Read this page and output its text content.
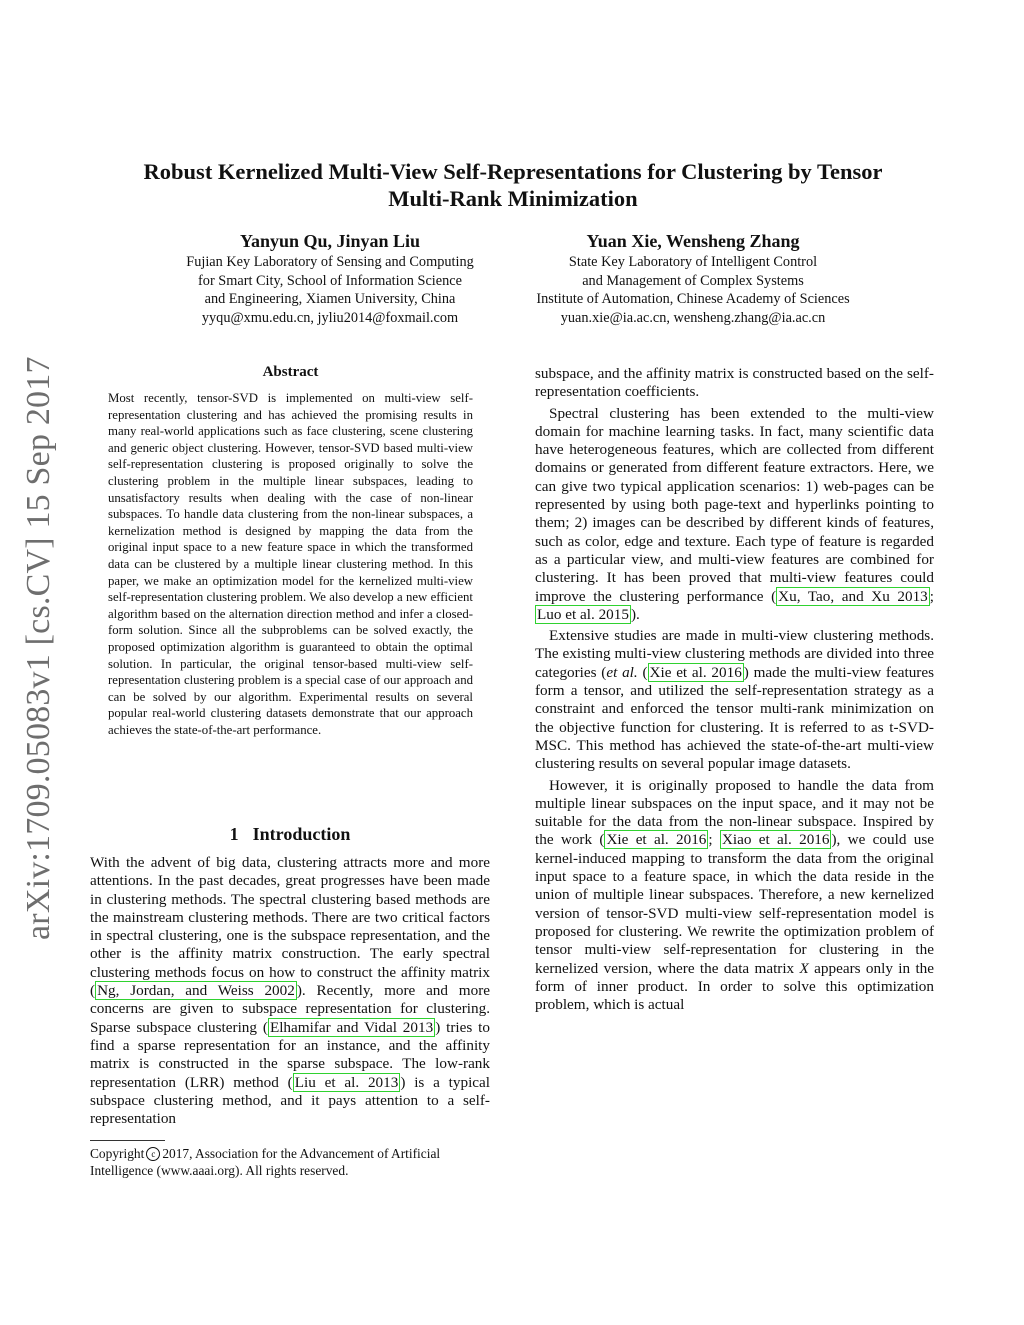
arXiv:1709.05083v1 [cs.CV] 15 Sep 2017
Robust Kernelized Multi-View Self-Representations for Clustering by Tensor
Multi-Rank Minimization
Yanyun Qu, Jinyan Liu
Fujian Key Laboratory of Sensing and Computing
for Smart City, School of Information Science
and Engineering, Xiamen University, China
yyqu@xmu.edu.cn, jyliu2014@foxmail.com
Yuan Xie, Wensheng Zhang
State Key Laboratory of Intelligent Control
and Management of Complex Systems
Institute of Automation, Chinese Academy of Sciences
yuan.xie@ia.ac.cn, wensheng.zhang@ia.ac.cn
Abstract
Most recently, tensor-SVD is implemented on multi-view self-representation clustering and has achieved the promising results in many real-world applications such as face clustering, scene clustering and generic object clustering. However, tensor-SVD based multi-view self-representation clustering is proposed originally to solve the clustering problem in the multiple linear subspaces, leading to unsatisfactory results when dealing with the case of non-linear subspaces. To handle data clustering from the non-linear subspaces, a kernelization method is designed by mapping the data from the original input space to a new feature space in which the transformed data can be clustered by a multiple linear clustering method. In this paper, we make an optimization model for the kernelized multi-view self-representation clustering problem. We also develop a new efficient algorithm based on the alternation direction method and infer a closed-form solution. Since all the subproblems can be solved exactly, the proposed optimization algorithm is guaranteed to obtain the optimal solution. In particular, the original tensor-based multi-view self-representation clustering problem is a special case of our approach and can be solved by our algorithm. Experimental results on several popular real-world clustering datasets demonstrate that our approach achieves the state-of-the-art performance.
1 Introduction

With the advent of big data, clustering attracts more and more attentions. In the past decades, great progresses have been made in clustering methods. The spectral clustering based methods are the mainstream clustering methods. There are two critical factors in spectral clustering, one is the subspace representation, and the other is the affinity matrix construction. The early spectral clustering methods focus on how to construct the affinity matrix ( Ng, Jordan, and Weiss 2002 ). Recently, more and more concerns are given to subspace representation for clustering. Sparse subspace clustering ( Elhamifar and Vidal 2013 ) tries to find a sparse representation for an instance, and the affinity matrix is constructed in the sparse subspace. The low-rank representation (LRR) method ( Liu et al. 2013 ) is a typical subspace clustering method, and it pays attention to a self-representation

Copyright c 2017, Association for the Advancement of Artificial Intelligence (www.aaai.org). All rights reserved.

subspace, and the affinity matrix is constructed based on the self-representation coefficients.

Spectral clustering has been extended to the multi-view domain for machine learning tasks. In fact, many scientific data have heterogeneous features, which are collected from different domains or generated from different feature extractors. Here, we can give two typical application scenarios: 1) web-pages can be represented by using both page-text and hyperlinks pointing to them; 2) images can be described by different kinds of features, such as color, edge and texture. Each type of feature is regarded as a particular view, and multi-view features are combined for clustering. It has been proved that multi-view features could improve the clustering performance ( Xu, Tao, and Xu 2013 ; Luo et al. 2015 ).

Extensive studies are made in multi-view clustering methods. The existing multi-view clustering methods are divided into three categories (et al. ( Xie et al. 2016 ) made the multi-view features form a tensor, and utilized the self-representation strategy as a constraint and enforced the tensor multi-rank minimization on the objective function for clustering. It is referred to as t-SVD-MSC. This method has achieved the state-of-the-art multi-view clustering results on several popular image datasets.

However, it is originally proposed to handle the data from multiple linear subspaces on the input space, and it may not be suitable for the data from the non-linear subspace. Inspired by the work ( Xie et al. 2016 ; Xiao et al. 2016 ), we could use kernel-induced mapping to transform the data from the original input space to a feature space, in which the data reside in the union of multiple linear subspaces. Therefore, a new kernelized version of tensor-SVD multi-view self-representation model is proposed for clustering. We rewrite the optimization problem of tensor multi-view self-representation for clustering in the kernelized version, where the data matrix X appears only in the form of inner product. In order to solve this optimization problem, which is actual
